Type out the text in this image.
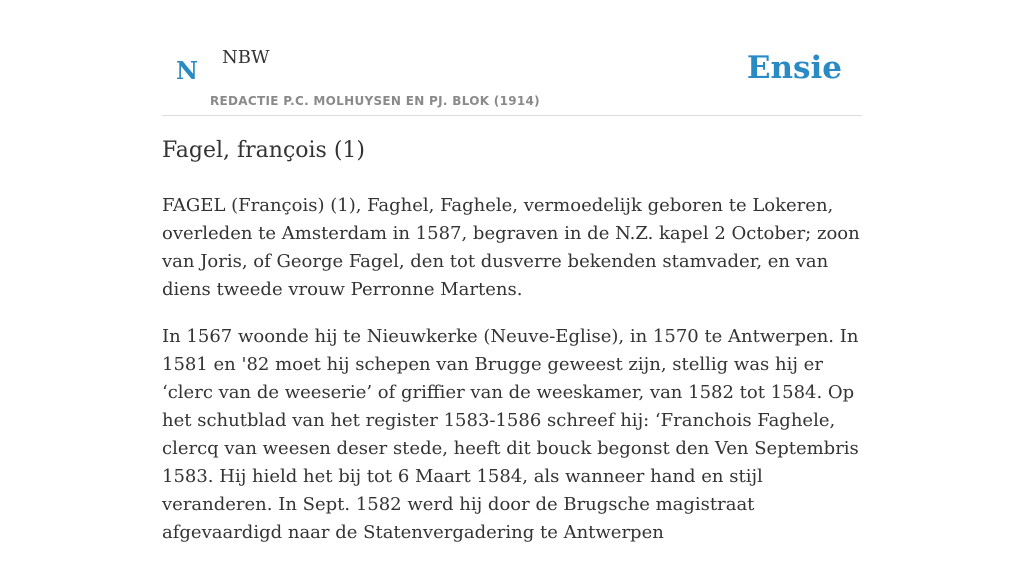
N NBW
REDACTIE P.C. MOLHUYSEN EN PJ. BLOK (1914)
Ensie
Fagel, françois (1)

FAGEL (François) (1), Faghel, Faghele, vermoedelijk geboren te Lokeren, overleden te Amsterdam in 1587, begraven in de N.Z. kapel 2 October; zoon van Joris, of George Fagel, den tot dusverre bekenden stamvader, en van diens tweede vrouw Perronne Martens.

In 1567 woonde hij te Nieuwkerke (Neuve-Eglise), in 1570 te Antwerpen. In 1581 en '82 moet hij schepen van Brugge geweest zijn, stellig was hij er ‘clerc van de weeserie’ of griffier van de weeskamer, van 1582 tot 1584. Op het schutblad van het register 1583-1586 schreef hij: ‘Franchois Faghele, clercq van weesen deser stede, heeft dit bouck begonst den Ven Septembris 1583. Hij hield het bij tot 6 Maart 1584, als wanneer hand en stijl veranderen. In Sept. 1582 werd hij door de Brugsche magistraat afgevaardigd naar de Statenvergadering te Antwerpen
